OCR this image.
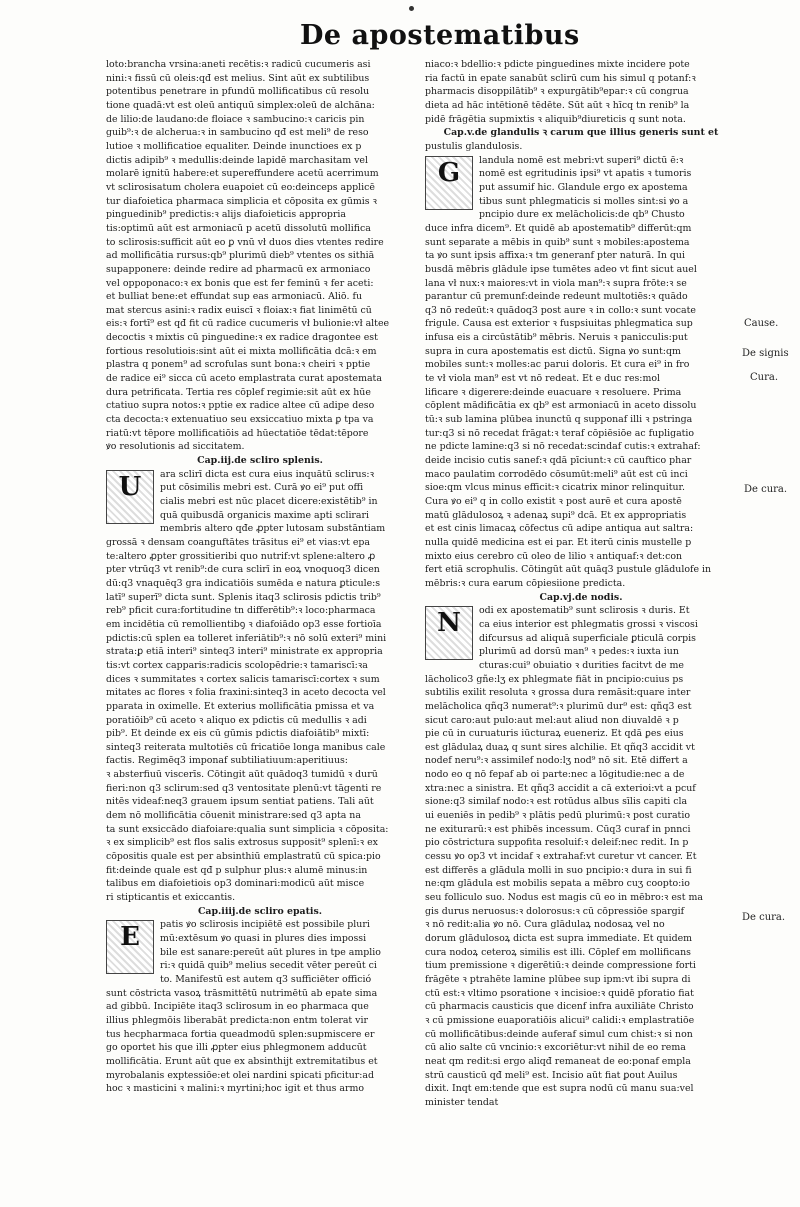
De apostematibus
loto:brancha vrsina:aneti recētis:ꝛ radicū cucumeris asi
nini:ꝛ fissū cū oleis:qđ est melius. Sint aūt ex subtilibus
potentibus penetrare in pfundū mollificatibus cū resolu
tione quadā:vt est oleū antiquū simplex:oleū de alchāna:
de lilio:de laudano:de floiace ꝛ sambucino:ꝛ caricis pin
guib⁹:ꝛ de alcherua:ꝛ in sambucino qđ est meli⁹ de reso
lutioe ꝛ mollificatioe equaliter. Deinde inunctioes ex p
dictis adipib⁹ ꝛ medullis:deinde lapidē marchasitam vel
molarē ignitū habere:et supereffundere acetū acerrimum
vt sclirosisatum cholera euapoiet cū eo:deinceps applicē
tur diafoietica pharmaca simplicia et cōposita ex gūmis ꝛ
pinguedinib⁹ predictis:ꝛ alijs diafoieticis appropria
tis:optimū aūt est armoniacū p acetū dissolutū mollifica
to sclirosis:sufficit aūt eo ꝑ vnū vł duos dies vtentes redire
ad mollificātia rursus:qb⁹ plurimū dieb⁹ vtentes os sithiā
supapponere: deinde redire ad pharmacū ex armoniaco
vel oppoponaco:ꝛ ex bonis que est fer feminū ꝛ fer aceti:
et bulliat bene:et effundat sup eas armoniacū. Aliō. fu
mat stercus asini:ꝛ radix euiscī ꝛ floiax:ꝛ fiat linimētū cū
eis:ꝛ fortī⁹ est qđ fit cū radice cucumeris vł bulionie:vł altee
decoctis ꝛ mixtis cū pinguedine:ꝛ ex radice dragontee est
fortious resolutiois:sint aūt ei mixta mollificātia dcā:ꝛ em
plastra q ponem⁹ ad scrofulas sunt bona:ꝛ cheiri ꝛ pptie
de radice ei⁹ sicca cū aceto emplastrata curat apostemata
dura petrificata. Tertia res cōplef regimie:sit aūt ex hūe
ctatiuo supra notos:ꝛ pptie ex radice altee cū adipe deso
cta decocta:ꝛ extenuatiuo seu exsiccatiuo mixta ꝑ tpa va
riatū:vt tēpore mollificatiōis ad hūectatiōe tēdat:tēpore
ꝟo resolutionis ad siccitatem.
Cap.iij.de scliro splenis.
U	ara sclirī dicta est cura eius inquātū sclirus:ꝛ
put cōsimilis mebri est. Curā ꝟo ei⁹ put offi
cialis mebri est nūc placet dicere:existētib⁹ in
quā quibusdā organicis maxime apti sclirari
membris altero qđe ꝓpter lutosam substāntiam
grossā ꝛ densam coanguftātes trāsitus ei⁹ et vias:vt epa
te:altero ꝓpter grossitieribi quo nutrif:vt splene:altero ꝓ
pter vtrūq3 vt renib⁹:de cura sclirī in eoꝝ vnoquoq3 dicen
dū:q3 vnaquēq3 gra indicatiōis sumēda e natura ꝑticule:s
latī⁹ superī⁹ dicta sunt. Splenis itaq3 sclirosis pdictis trib⁹
reb⁹ pficit cura:fortitudine tn differētib⁹:ꝛ loco:pharmaca
em incidētia cū remollientibꝯ ꝛ diafoiādo op3 esse fortioīa
pdictis:cū splen ea tolleret inferiātib⁹:ꝛ nō solū exteri⁹ mini
strata:ꝑ etiā interi⁹ sinteq3 interi⁹ ministrate ex appropria
tis:vt cortex capparis:radicis scolopēdrie:ꝛ tamariscī:ꝛa
dices ꝛ summitates ꝛ cortex salicis tamariscī:cortex ꝛ sum
mitates ac flores ꝛ folia fraxini:sinteq3 in aceto decocta vel
pparata in oximelle. Et exterius mollificātia pmissa et va
poratiōib⁹ cū aceto ꝛ aliquo ex pdictis cū medullis ꝛ adi
pib⁹. Et deinde ex eis cū gūmis pdictis diafoiātib⁹ mixtī:
sinteq3 reiterata multotiēs cū fricatiōe longa manibus cale
factis. Regimēq3 imponaf subtiliatiuum:aperitiuus:
ꝛ absterfiuū viscerīs. Cōtingit aūt quādoq3 tumidū ꝛ durū
fieri:non q3 sclirum:sed q3 ventositate plenū:vt tāgenti re
nitēs videaf:neq3 grauem ipsum sentiat patiens. Tali aūt
dem nō mollificātia cōuenit ministrare:sed q3 apta na
ta sunt exsiccādo diafoiare:qualia sunt simplicia ꝛ cōposita:
ꝛ ex simplicib⁹ est flos salis extrosus supposit⁹ splenī:ꝛ ex
cōpositis quale est per absinthiū emplastratū cū spica:pio
fit:deinde quale est qđ p sulphur plus:ꝛ alumē minus:in
talibus em diafoietiois op3 dominari:modicū aūt misce
ri stipticantis et exiccantis.
Cap.iiij.de scliro epatis.
E	patis ꝟo sclirosis incipiētē est possibile pluri
mū:extēsum ꝟo quasi in plures dies impossi
bile est sanare:pereūt aūt plures in tpe amplio
ri:ꝛ quidā quib⁹ melius secedit vēter pereūt ci
to. Manifestū est autem q3 sufficiēter offició
sunt cōstricta vasoꝝ trāsmittētū nutrimētū ab epate sima
ad gibbū. Incipiēte itaq3 sclirosum in eo pharmaca que
illius phlegmōis liberabāt predicta:non entm tolerat vir
tus hecpharmaca fortia queadmodū splen:supmiscere er
go oportet his que illi ꝓpter eius phlegmonem adducūt
mollificātia. Erunt aūt que ex absinthijt extremitatibus et
myrobalanis exptessiōe:et olei nardini spicati pficitur:ad
hoc ꝛ masticini ꝛ malini:ꝛ myrtini;hoc igit et thus armo
niaco:ꝛ bdellio:ꝛ pdicte pinguedines mixte incidere pote
ria factū in epate sanabūt sclirū cum his simul q potanf:ꝛ
pharmacis disoppilātib⁹ ꝛ expurgātib⁹epar:ꝛ cū congrua
dieta ad hāc intētionē tēdēte. Sūt aūt ꝛ hīcq tn renib⁹ la
pidē frāgētia supmixtis ꝛ aliquib⁹diureticis q sunt nota.
Cap.v.de glandulis ꝛ carum que illius generis sunt et
pustulis glandulosis.
G	landula nomē est mebri:vt superi⁹ dictū ē:ꝛ
nomē est egritudinis ipsi⁹ vt apatis ꝛ tumoris
put assumif hic. Glandule ergo ex apostema
tibus sunt phlegmaticis si molles sint:si ꝟo a
pncipio dure ex melācholicis:de qb⁹ Chusto
duce infra dicem⁹. Et quidē ab apostematib⁹ differūt:qm
sunt separate a mēbis in quib⁹ sunt ꝛ mobiles:apostema
ta ꝟo sunt ipsis affixa:ꝛ tm generanf pter naturā. In qui
busdā mēbris glādule ipse tumētes adeo vt fint sicut auel
lana vł nux:ꝛ maiores:vt in viola man⁹:ꝛ supra frōte:ꝛ se
parantur cū premunf:deinde redeunt multotiēs:ꝛ quādo
q3 nō redeūt:ꝛ quādoq3 post aure ꝛ in collo:ꝛ sunt vocate
frigule. Causa est exterior ꝛ fuspsiuitas phlegmatica sup
infusa eis a circūstātib⁹ mēbris. Neruis ꝛ panicculis:put
supra in cura apostematis est dictū. Signa ꝟo sunt:qm
mobiles sunt:ꝛ molles:ac parui doloris. Et cura ei⁹ in fro
te vł viola man⁹ est vt nō redeat. Et e duc res:mol
lificare ꝛ digerere:deinde euacuare ꝛ resoluere. Prima
cōplent mādificātia ex qb⁹ est armoniacū in aceto dissolu
tū:ꝛ sub lamina plūbea inunctū q supponaf illi ꝛ pstringa
tur:q3 si nō recedat frāgat:ꝛ teraf cōpiēsiōe ac fupligatio
ne pdicte lamine:q3 si nō recedat:scindaf cutis:ꝛ extrahaf:
deide incisio cutis sanef:ꝛ qdā pīciunt:ꝛ cū cauftico phar
maco paulatim corrodēdo cōsumūt:meli⁹ aūt est cū inci
sioe:qm vlcus minus efficit:ꝛ cicatrix minor relinquitur.
Cura ꝟo ei⁹ q in collo existit ꝛ post aurē et cura apostē
matū glādulosoꝝ ꝛ adenaꝝ supi⁹ dcā. Et ex appropriatis
et est cinis limacaꝝ cōfectus cū adipe antiqua aut saltra:
nulla quidē medicina est ei par. Et iterū cinis mustelle p
mixto eius cerebro cū oleo de lilio ꝛ antiquaf:ꝛ det:con
fert etiā scrophulis. Cōtingūt aūt quāq3 pustule glādulofe in
mēbris:ꝛ cura earum cōpiesiione predicta.
Cap.vj.de nodis.
N	odi ex apostematib⁹ sunt sclirosis ꝛ duris. Et
ca eius interior est phlegmatis grossi ꝛ viscosi
difcursus ad aliquā superficiale ꝑticulā corpis
plurimū ad dorsū man⁹ ꝛ pedes:ꝛ iuxta iun
cturas:cui⁹ obuiatio ꝛ durities facitvt de me
lācholico3 gñe:lʒ ex phlegmate fiāt in pncipio:cuius ps
subtilis exilit resoluta ꝛ grossa dura remāsit:quare inter
melācholica qñq3 numerat⁹:ꝛ plurimū dur⁹ est: qñq3 est
sicut caro:aut pulo:aut mel:aut aliud non diuvaldē ꝛ p
pie cū in curuaturis iūcturaꝝ eueneriz. Et qdā ꝑes eius
est glādulaꝝ duaꝝ q sunt sires alchilie. Et qñq3 accidit vt
nodef neru⁹:ꝛ assimilef nodo:lʒ nod⁹ nō sit. Etē differt a
nodo eo q nō fepaf ab oi parte:nec a lōgitudie:nec a de
xtra:nec a sinistra. Et qñq3 accidit a cā exterioi:vt a pcuf
sione:q3 similaf nodo:ꝛ est rotūdus albus sīlis capiti cla
ui eueniēs in pedib⁹ ꝛ plātis pedū plurimū:ꝛ post curatio
ne exiturarū:ꝛ est phibēs incessum. Cūq3 curaf in pnnci
pio cōstrictura suppofita resoluif:ꝛ deleif:nec redit. In p
cessu ꝟo op3 vt incidaf ꝛ extrahaf:vt curetur vt cancer. Et
est differēs a glādula molli in suo pncipio:ꝛ dura in sui fi
ne:qm glādula est mobilis sepata a mēbro cuʒ coopto:io
seu folliculo suo. Nodus est magis cū eo in mēbro:ꝛ est ma
gis durus neruosus:ꝛ dolorosus:ꝛ cū cōpressiōe spargif
ꝛ nō redit:alia ꝟo nō. Cura glādulaꝝ nodosaꝝ vel no
dorum glādulosoꝝ dicta est supra immediate. Et quidem
cura nodoꝝ ceteroꝝ similis est illi. Cōplef em mollificans
tium premissione ꝛ digerētiū:ꝛ deinde compressione forti
frāgēte ꝛ ptrahēte lamine plūbee sup ipm:vt ibi supra di
ctū est:ꝛ vltimo psoratione ꝛ incisioe:ꝛ quidē pforatio fiat
cū pharmacis causticis que dicenf infra auxiliāte Christo
ꝛ cū pmissione euaporatiōis alicui⁹ calidi:ꝛ emplastratiōe
cū mollificātibus:deinde auferaf simul cum chist:ꝛ si non
cū alio salte cū vncinio:ꝛ excoriētur:vt nihil de eo rema
neat qm redit:si ergo aliqđ remaneat de eo:ponaf empla
strū causticū qđ meli⁹ est. Incisio aūt fiat ꝑout Auilus
dixit. Inqt em:tende que est supra nodū cū manu sua:vel
minister tendat
Cause.
De signis
Cura.
De cura.
De cura.
